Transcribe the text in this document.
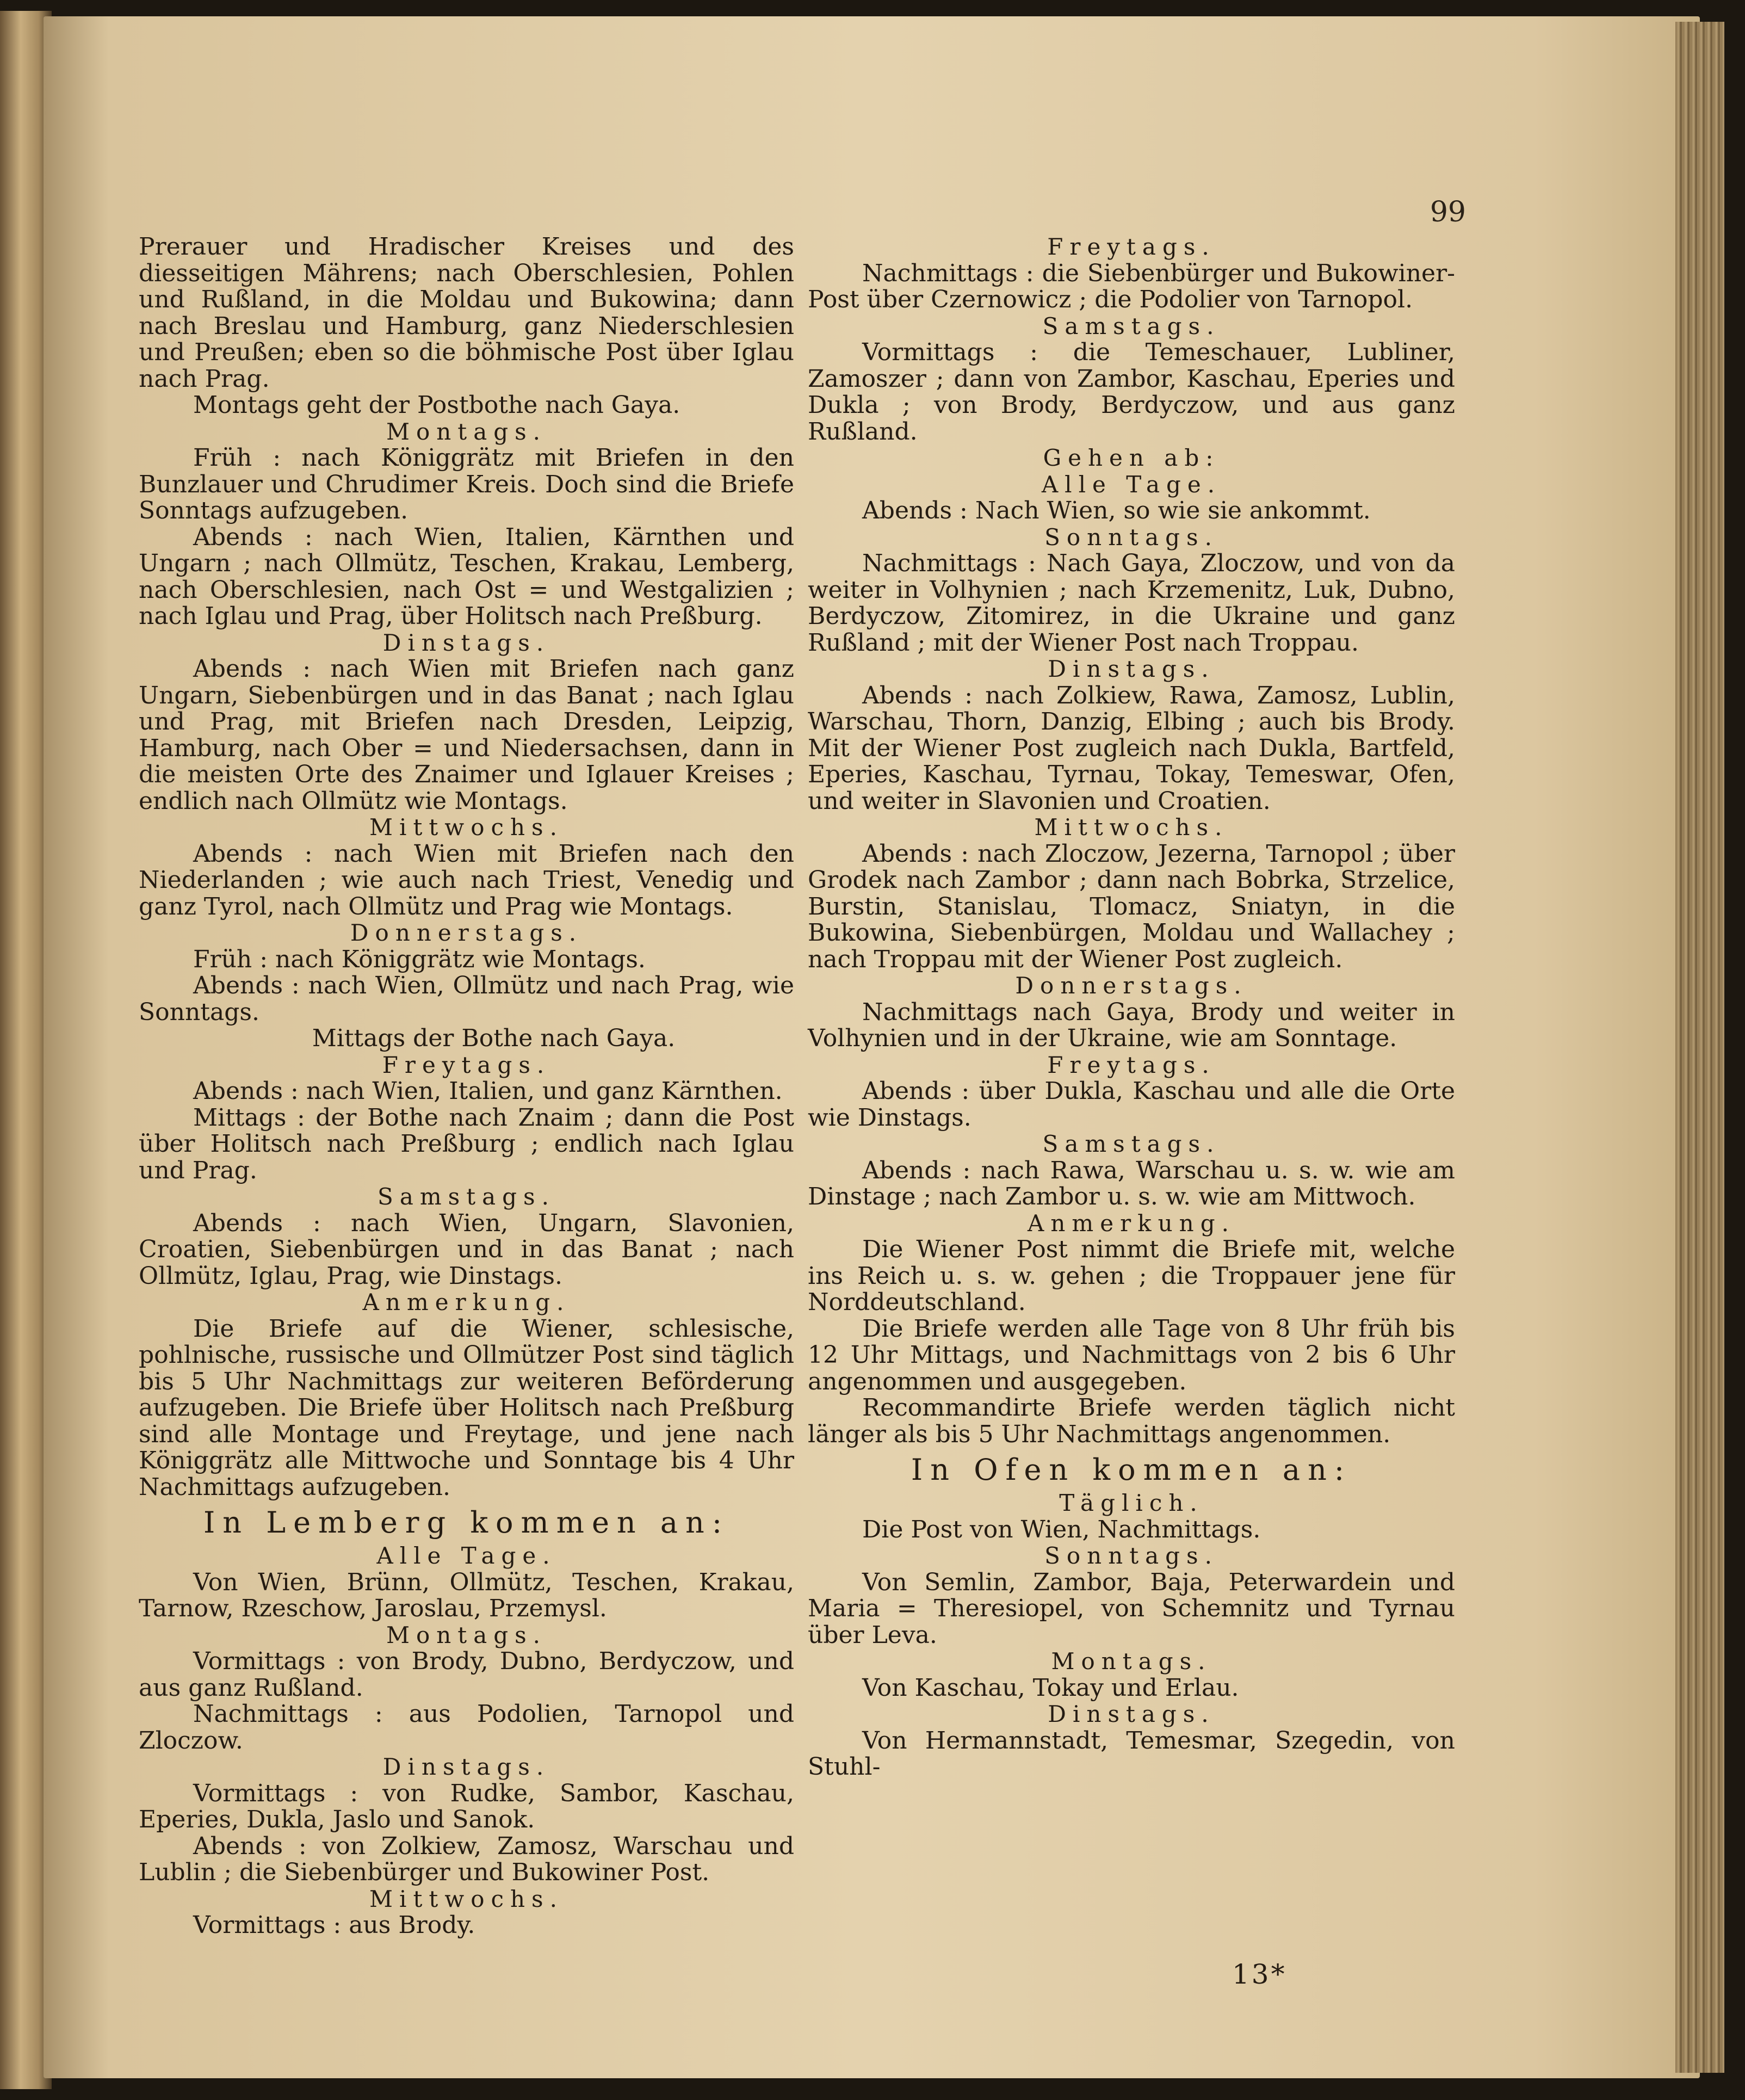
99

Prerauer und Hradischer Kreises und des diesseitigen Mährens; nach Oberschlesien, Pohlen und Rußland, in die Moldau und Bukowina; dann nach Breslau und Hamburg, ganz Niederschlesien und Preußen; eben so die böhmische Post über Iglau nach Prag.

Montags geht der Postbothe nach Gaya.

Montags.

Früh : nach Königgrätz mit Briefen in den Bunzlauer und Chrudimer Kreis. Doch sind die Briefe Sonntags aufzugeben.

Abends : nach Wien, Italien, Kärnthen und Ungarn ; nach Ollmütz, Teschen, Krakau, Lemberg, nach Oberschlesien, nach Ost = und Westgalizien ; nach Iglau und Prag, über Holitsch nach Preßburg.

Dinstags.

Abends : nach Wien mit Briefen nach ganz Ungarn, Siebenbürgen und in das Banat ; nach Iglau und Prag, mit Briefen nach Dresden, Leipzig, Hamburg, nach Ober = und Niedersachsen, dann in die meisten Orte des Znaimer und Iglauer Kreises ; endlich nach Ollmütz wie Montags.

Mittwochs.

Abends : nach Wien mit Briefen nach den Niederlanden ; wie auch nach Triest, Venedig und ganz Tyrol, nach Ollmütz und Prag wie Montags.

Donnerstags.

Früh : nach Königgrätz wie Montags.

Abends : nach Wien, Ollmütz und nach Prag, wie Sonntags.

Mittags der Bothe nach Gaya.

Freytags.

Abends : nach Wien, Italien, und ganz Kärnthen.

Mittags : der Bothe nach Znaim ; dann die Post über Holitsch nach Preßburg ; endlich nach Iglau und Prag.

Samstags.

Abends : nach Wien, Ungarn, Slavonien, Croatien, Siebenbürgen und in das Banat ; nach Ollmütz, Iglau, Prag, wie Dinstags.

Anmerkung.

Die Briefe auf die Wiener, schlesische, pohlnische, russische und Ollmützer Post sind täglich bis 5 Uhr Nachmittags zur weiteren Beförderung aufzugeben. Die Briefe über Holitsch nach Preßburg sind alle Montage und Freytage, und jene nach Königgrätz alle Mittwoche und Sonntage bis 4 Uhr Nachmittags aufzugeben.

In Lemberg kommen an:
Alle Tage.

Von Wien, Brünn, Ollmütz, Teschen, Krakau, Tarnow, Rzeschow, Jaroslau, Przemysl.

Montags.

Vormittags : von Brody, Dubno, Berdyczow, und aus ganz Rußland.

Nachmittags : aus Podolien, Tarnopol und Zloczow.

Dinstags.

Vormittags : von Rudke, Sambor, Kaschau, Eperies, Dukla, Jaslo und Sanok.

Abends : von Zolkiew, Zamosz, Warschau und Lublin ; die Siebenbürger und Bukowiner Post.

Mittwochs.

Vormittags : aus Brody.

Freytags.

Nachmittags : die Siebenbürger und Bukowiner-Post über Czernowicz ; die Podolier von Tarnopol.

Samstags.

Vormittags : die Temeschauer, Lubliner, Zamoszer ; dann von Zambor, Kaschau, Eperies und Dukla ; von Brody, Berdyczow, und aus ganz Rußland.

Gehen ab:
Alle Tage.

Abends : Nach Wien, so wie sie ankommt.

Sonntags.

Nachmittags : Nach Gaya, Zloczow, und von da weiter in Volhynien ; nach Krzemenitz, Luk, Dubno, Berdyczow, Zitomirez, in die Ukraine und ganz Rußland ; mit der Wiener Post nach Troppau.

Dinstags.

Abends : nach Zolkiew, Rawa, Zamosz, Lublin, Warschau, Thorn, Danzig, Elbing ; auch bis Brody. Mit der Wiener Post zugleich nach Dukla, Bartfeld, Eperies, Kaschau, Tyrnau, Tokay, Temeswar, Ofen, und weiter in Slavonien und Croatien.

Mittwochs.

Abends : nach Zloczow, Jezerna, Tarnopol ; über Grodek nach Zambor ; dann nach Bobrka, Strzelice, Burstin, Stanislau, Tlomacz, Sniatyn, in die Bukowina, Siebenbürgen, Moldau und Wallachey ; nach Troppau mit der Wiener Post zugleich.

Donnerstags.

Nachmittags nach Gaya, Brody und weiter in Volhynien und in der Ukraine, wie am Sonntage.

Freytags.

Abends : über Dukla, Kaschau und alle die Orte wie Dinstags.

Samstags.

Abends : nach Rawa, Warschau u. s. w. wie am Dinstage ; nach Zambor u. s. w. wie am Mittwoch.

Anmerkung.

Die Wiener Post nimmt die Briefe mit, welche ins Reich u. s. w. gehen ; die Troppauer jene für Norddeutschland.

Die Briefe werden alle Tage von 8 Uhr früh bis 12 Uhr Mittags, und Nachmittags von 2 bis 6 Uhr angenommen und ausgegeben.

Recommandirte Briefe werden täglich nicht länger als bis 5 Uhr Nachmittags angenommen.

In Ofen kommen an:
Täglich.

Die Post von Wien, Nachmittags.

Sonntags.

Von Semlin, Zambor, Baja, Peterwardein und Maria = Theresiopel, von Schemnitz und Tyrnau über Leva.

Montags.

Von Kaschau, Tokay und Erlau.

Dinstags.

Von Hermannstadt, Temesmar, Szegedin, von Stuhl-

13*
